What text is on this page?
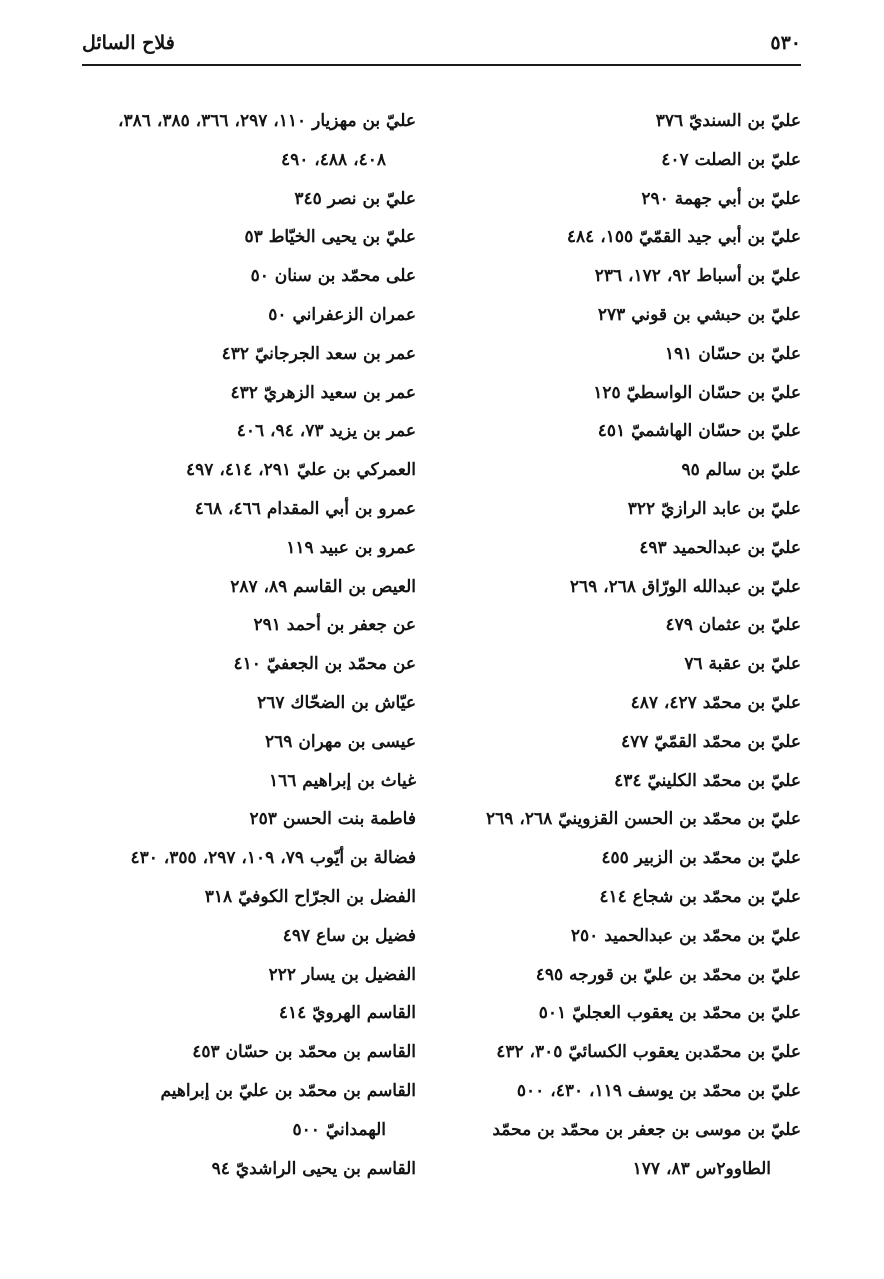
فلاح السائل	٥٣٠
عليّ بن السنديّ ٣٧٦
عليّ بن الصلت ٤٠٧
عليّ بن أبي جهمة ٢٩٠
عليّ بن أبي جيد القمّيّ ١٥٥، ٤٨٤
عليّ بن أسباط ٩٢، ١٧٢، ٢٣٦
عليّ بن حبشي بن قوني ٢٧٣
عليّ بن حسّان ١٩١
عليّ بن حسّان الواسطيّ ١٢٥
عليّ بن حسّان الهاشميّ ٤٥١
عليّ بن سالم ٩٥
عليّ بن عابد الرازيّ ٣٢٢
عليّ بن عبدالحميد ٤٩٣
عليّ بن عبدالله الورّاق ٢٦٨، ٢٦٩
عليّ بن عثمان ٤٧٩
عليّ بن عقبة ٧٦
عليّ بن محمّد ٤٢٧، ٤٨٧
عليّ بن محمّد القمّيّ ٤٧٧
عليّ بن محمّد الكلينيّ ٤٣٤
عليّ بن محمّد بن الحسن القزوينيّ ٢٦٨، ٢٦٩
عليّ بن محمّد بن الزبير ٤٥٥
عليّ بن محمّد بن شجاع ٤١٤
عليّ بن محمّد بن عبدالحميد ٢٥٠
عليّ بن محمّد بن عليّ بن قورجه ٤٩٥
عليّ بن محمّد بن يعقوب العجليّ ٥٠١
عليّ بن محمّدبن يعقوب الكسائيّ ٣٠٥، ٤٣٢
عليّ بن محمّد بن يوسف ١١٩، ٤٣٠، ٥٠٠
عليّ بن موسى بن جعفر بن محمّد بن محمّد
الطاوو٢س ٨٣، ١٧٧
عليّ بن مهزيار ١١٠، ٢٩٧، ٣٦٦، ٣٨٥، ٣٨٦،
٤٠٨، ٤٨٨، ٤٩٠
عليّ بن نصر ٣٤٥
عليّ بن يحيى الخيّاط ٥٣
على محمّد بن سنان ٥٠
عمران الزعفراني ٥٠
عمر بن سعد الجرجانيّ ٤٣٢
عمر بن سعيد الزهريّ ٤٣٢
عمر بن يزيد ٧٣، ٩٤، ٤٠٦
العمركي بن عليّ ٢٩١، ٤١٤، ٤٩٧
عمرو بن أبي المقدام ٤٦٦، ٤٦٨
عمرو بن عبيد ١١٩
العيص بن القاسم ٨٩، ٢٨٧
عن جعفر بن أحمد ٢٩١
عن محمّد بن الجعفيّ ٤١٠
عيّاش بن الضحّاك ٢٦٧
عيسى بن مهران ٢٦٩
غياث بن إبراهيم ١٦٦
فاطمة بنت الحسن ٢٥٣
فضالة بن أيّوب ٧٩، ١٠٩، ٢٩٧، ٣٥٥، ٤٣٠
الفضل بن الجرّاح الكوفيّ ٣١٨
فضيل بن ساع ٤٩٧
الفضيل بن يسار ٢٢٢
القاسم الهرويّ ٤١٤
القاسم بن محمّد بن حسّان ٤٥٣
القاسم بن محمّد بن عليّ بن إبراهيم
الهمدانيّ ٥٠٠
القاسم بن يحيى الراشديّ ٩٤
